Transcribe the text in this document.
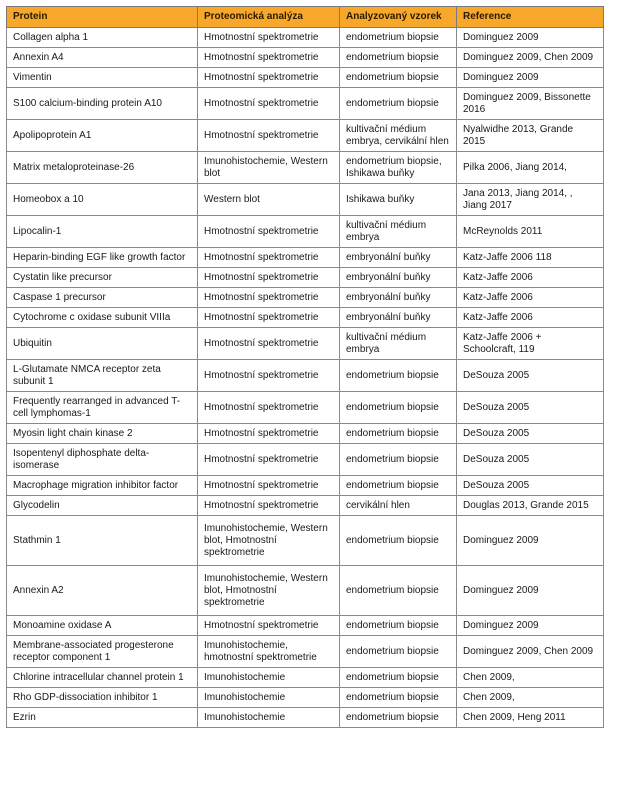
Protein	Proteomická analýza	Analyzovaný vzorek	Reference
Collagen alpha 1	Hmotnostní spektrometrie	endometrium biopsie	Dominguez 2009
Annexin A4	Hmotnostní spektrometrie	endometrium biopsie	Dominguez 2009, Chen 2009
Vimentin	Hmotnostní spektrometrie	endometrium biopsie	Dominguez 2009
S100 calcium-binding protein A10	Hmotnostní spektrometrie	endometrium biopsie	Dominguez 2009, Bissonette 2016
Apolipoprotein A1	Hmotnostní spektrometrie	kultivační médium embrya, cervikální hlen	Nyalwidhe 2013, Grande 2015
Matrix metaloproteinase-26	Imunohistochemie, Western blot	endometrium biopsie, Ishikawa buňky	Pilka 2006, Jiang 2014,
Homeobox a 10	Western blot	Ishikawa buňky	Jana 2013, Jiang 2014, , Jiang 2017
Lipocalin-1	Hmotnostní spektrometrie	kultivační médium embrya	McReynolds 2011
Heparin-binding EGF like growth factor	Hmotnostní spektrometrie	embryonální buňky	Katz-Jaffe 2006 118
Cystatin like precursor	Hmotnostní spektrometrie	embryonální buňky	Katz-Jaffe 2006
Caspase 1 precursor	Hmotnostní spektrometrie	embryonální buňky	Katz-Jaffe 2006
Cytochrome c oxidase subunit VIIIa	Hmotnostní spektrometrie	embryonální buňky	Katz-Jaffe 2006
Ubiquitin	Hmotnostní spektrometrie	kultivační médium embrya	Katz-Jaffe 2006 + Schoolcraft, 119
L-Glutamate NMCA receptor zeta subunit 1	Hmotnostní spektrometrie	endometrium biopsie	DeSouza 2005
Frequently rearranged in advanced T-cell lymphomas-1	Hmotnostní spektrometrie	endometrium biopsie	DeSouza 2005
Myosin light chain kinase 2	Hmotnostní spektrometrie	endometrium biopsie	DeSouza 2005
Isopentenyl diphosphate delta-isomerase	Hmotnostní spektrometrie	endometrium biopsie	DeSouza 2005
Macrophage migration inhibitor factor	Hmotnostní spektrometrie	endometrium biopsie	DeSouza 2005
Glycodelin	Hmotnostní spektrometrie	cervikální hlen	Douglas 2013, Grande 2015
Stathmin 1	Imunohistochemie, Western blot, Hmotnostní spektrometrie	endometrium biopsie	Dominguez 2009
Annexin A2	Imunohistochemie, Western blot, Hmotnostní spektrometrie	endometrium biopsie	Dominguez 2009
Monoamine oxidase A	Hmotnostní spektrometrie	endometrium biopsie	Dominguez 2009
Membrane-associated progesterone receptor component 1	Imunohistochemie, hmotnostní spektrometrie	endometrium biopsie	Dominguez 2009, Chen 2009
Chlorine intracellular channel protein 1	Imunohistochemie	endometrium biopsie	Chen 2009,
Rho GDP-dissociation inhibitor 1	Imunohistochemie	endometrium biopsie	Chen 2009,
Ezrin	Imunohistochemie	endometrium biopsie	Chen 2009, Heng 2011
